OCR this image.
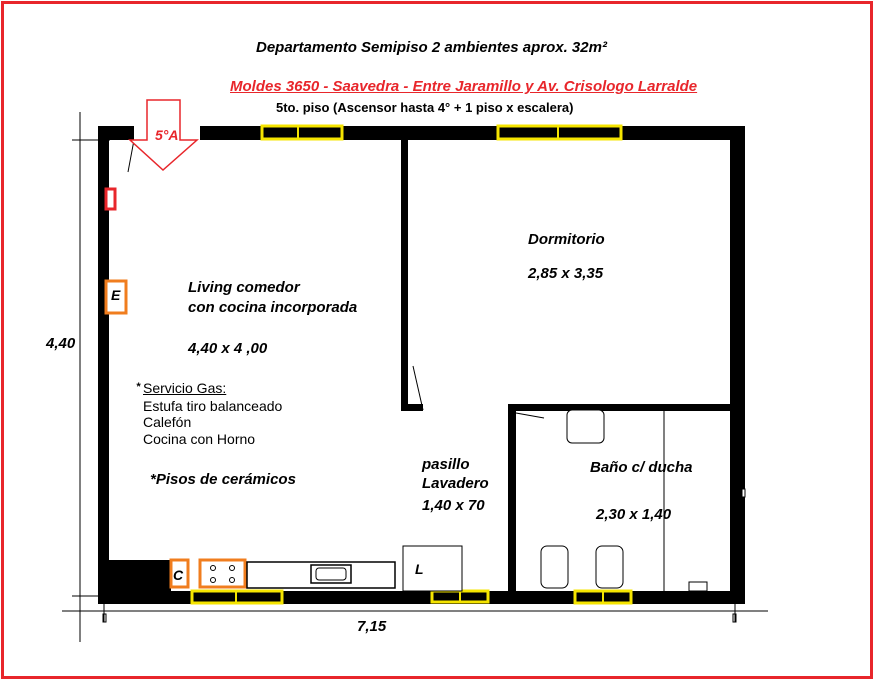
Departamento Semipiso 2 ambientes aprox. 32m²
Moldes 3650 - Saavedra - Entre Jaramillo y Av. Crisologo Larralde
5to. piso (Ascensor hasta 4° + 1 piso x escalera)
5°A
Living comedor
con cocina incorporada
4,40 x 4 ,00
* Servicio Gas:
Estufa tiro balanceado
Calefón
Cocina con Horno
*Pisos de cerámicos
Dormitorio
2,85 x 3,35
pasillo
Lavadero
1,40 x 70
Baño c/ ducha
2,30 x 1,40
E
C	L
4,40
7,15
